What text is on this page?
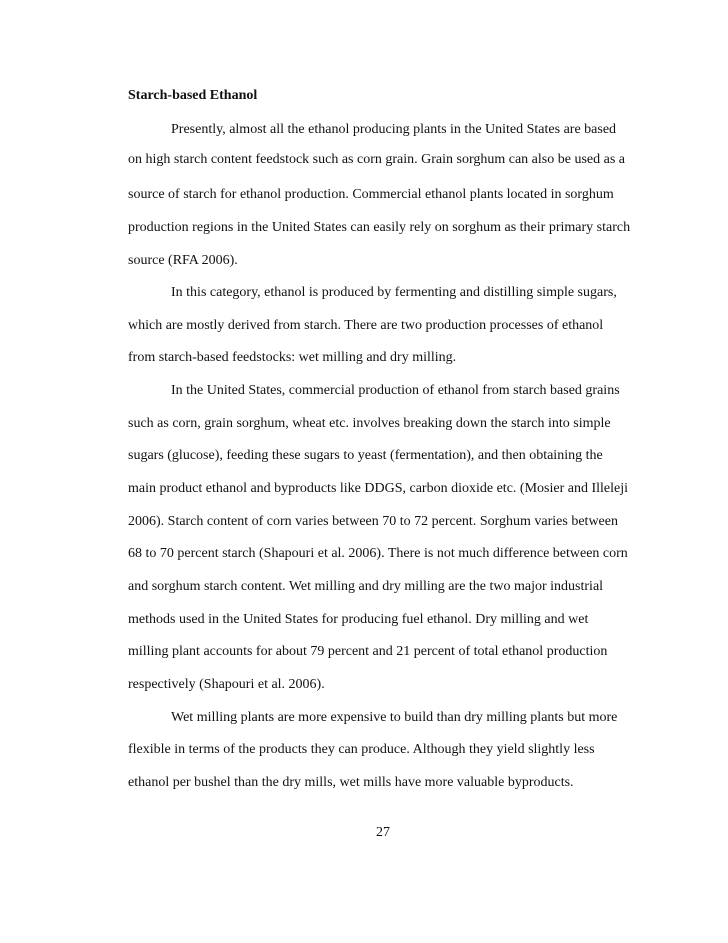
Starch-based Ethanol
Presently, almost all the ethanol producing plants in the United States are based
on high starch content feedstock such as corn grain. Grain sorghum can also be used as a
source of starch for ethanol production. Commercial ethanol plants located in sorghum
production regions in the United States can easily rely on sorghum as their primary starch
source (RFA 2006).
In this category, ethanol is produced by fermenting and distilling simple sugars,
which are mostly derived from starch. There are two production processes of ethanol
from starch-based feedstocks: wet milling and dry milling.
In the United States, commercial production of ethanol from starch based grains
such as corn, grain sorghum, wheat etc. involves breaking down the starch into simple
sugars (glucose), feeding these sugars to yeast (fermentation), and then obtaining the
main product ethanol and byproducts like DDGS, carbon dioxide etc. (Mosier and Illeleji
2006). Starch content of corn varies between 70 to 72 percent. Sorghum varies between
68 to 70 percent starch (Shapouri et al. 2006). There is not much difference between corn
and sorghum starch content. Wet milling and dry milling are the two major industrial
methods used in the United States for producing fuel ethanol. Dry milling and wet
milling plant accounts for about 79 percent and 21 percent of total ethanol production
respectively (Shapouri et al. 2006).
Wet milling plants are more expensive to build than dry milling plants but more
flexible in terms of the products they can produce. Although they yield slightly less
ethanol per bushel than the dry mills, wet mills have more valuable byproducts.
27
